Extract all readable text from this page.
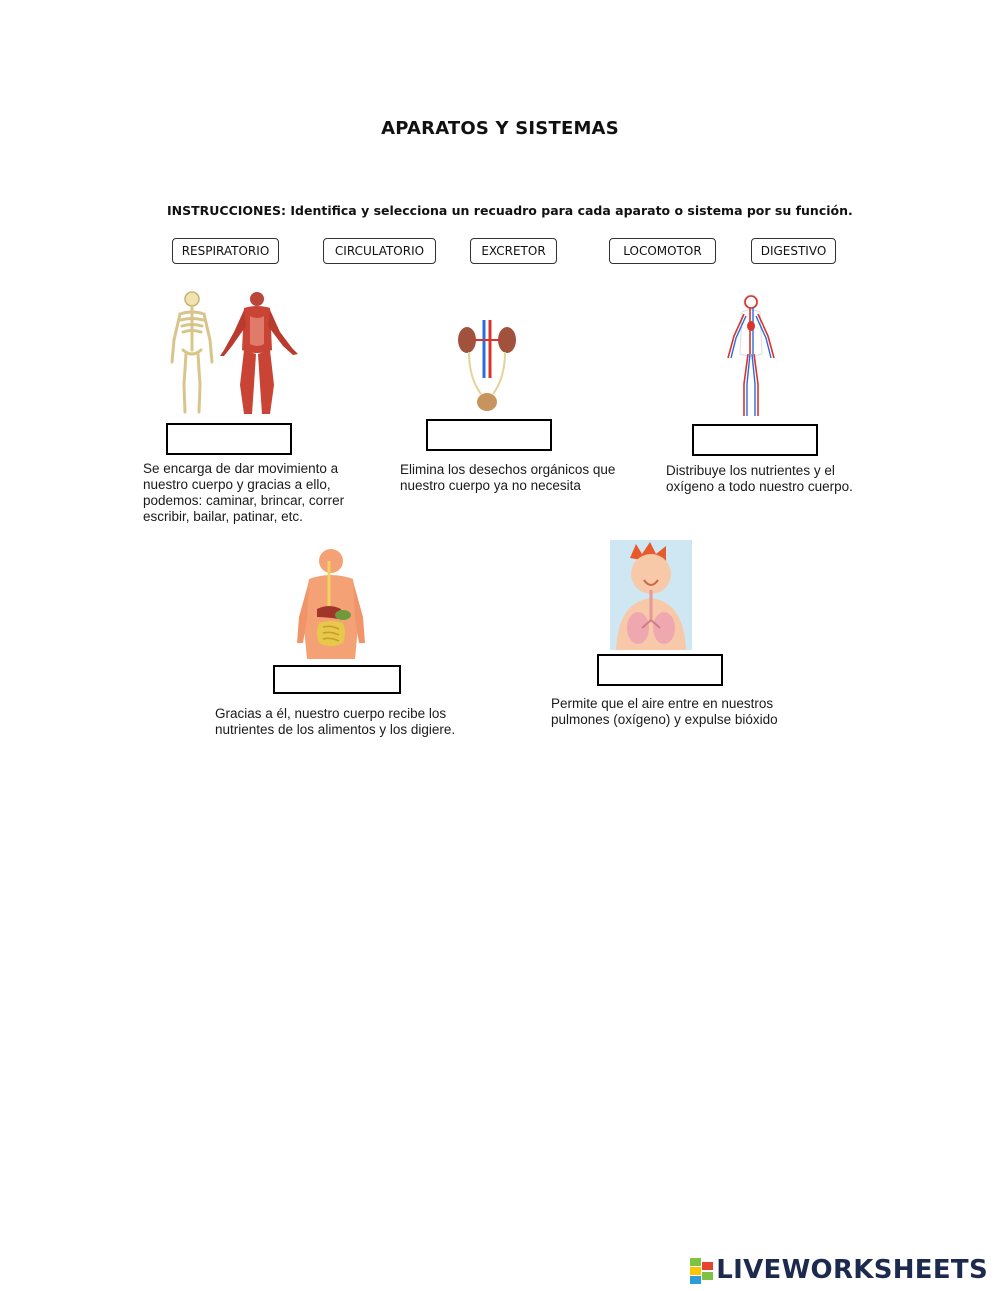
APARATOS Y SISTEMAS
INSTRUCCIONES: Identifica y selecciona un recuadro para cada aparato o sistema por su función.
RESPIRATORIO	CIRCULATORIO	EXCRETOR	LOCOMOTOR	DIGESTIVO
Se encarga de dar movimiento a nuestro cuerpo y gracias a ello, podemos: caminar, brincar, correr escribir, bailar, patinar, etc.
Elimina los desechos orgánicos que nuestro cuerpo ya no necesita
Distribuye los nutrientes y el oxígeno a todo nuestro cuerpo.
Gracias a él, nuestro cuerpo recibe los nutrientes de los alimentos y los digiere.
Permite que el aire entre en nuestros pulmones (oxígeno) y expulse bióxido
LIVEWORKSHEETS
